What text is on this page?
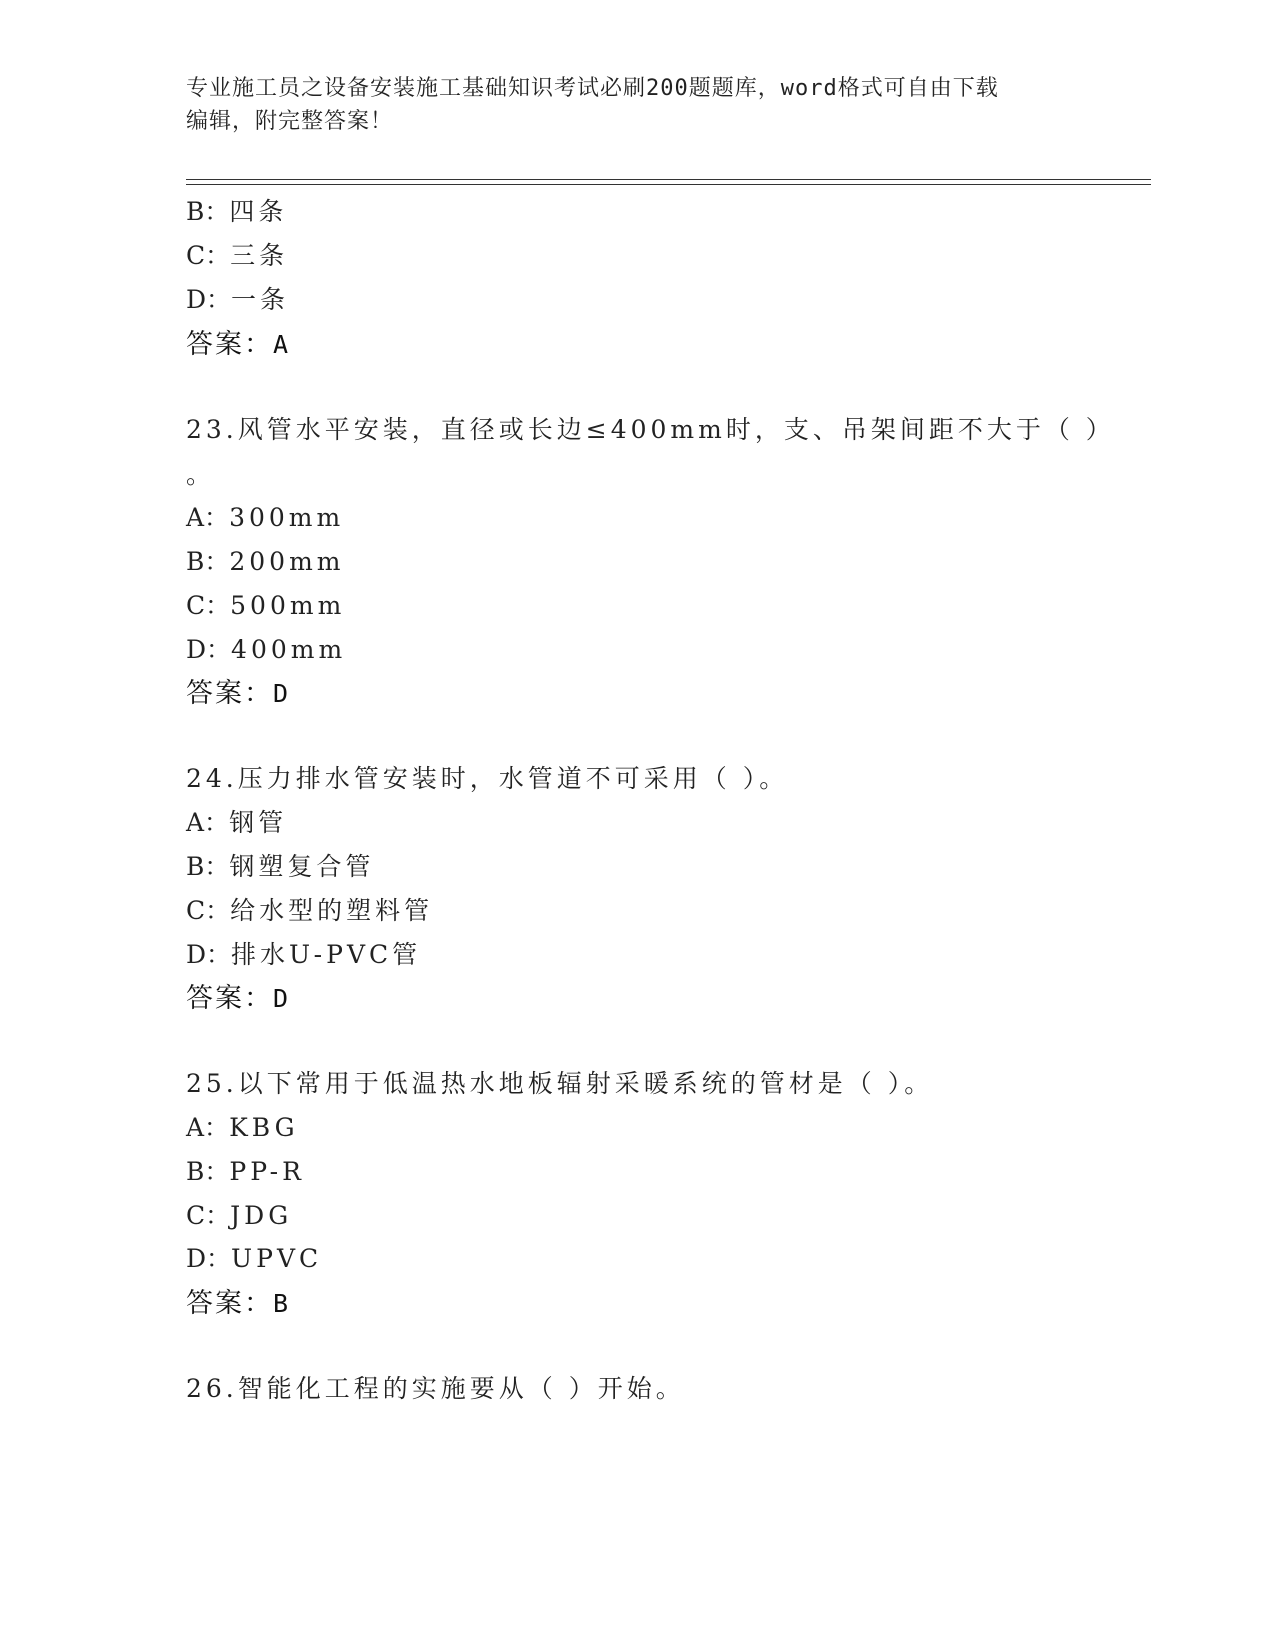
专业施工员之设备安装施工基础知识考试必刷200题题库，word格式可自由下载
编辑，附完整答案！
B：四条
C：三条
D：一条
答案：A
23.风管水平安装，直径或长边≤400mm时，支、吊架间距不大于（ ）
。
A：300mm
B：200mm
C：500mm
D：400mm
答案：D
24.压力排水管安装时，水管道不可采用（ ）。
A：钢管
B：钢塑复合管
C：给水型的塑料管
D：排水U-PVC管
答案：D
25.以下常用于低温热水地板辐射采暖系统的管材是（ ）。
A：KBG
B：PP-R
C：JDG
D：UPVC
答案：B
26.智能化工程的实施要从（ ）开始。
